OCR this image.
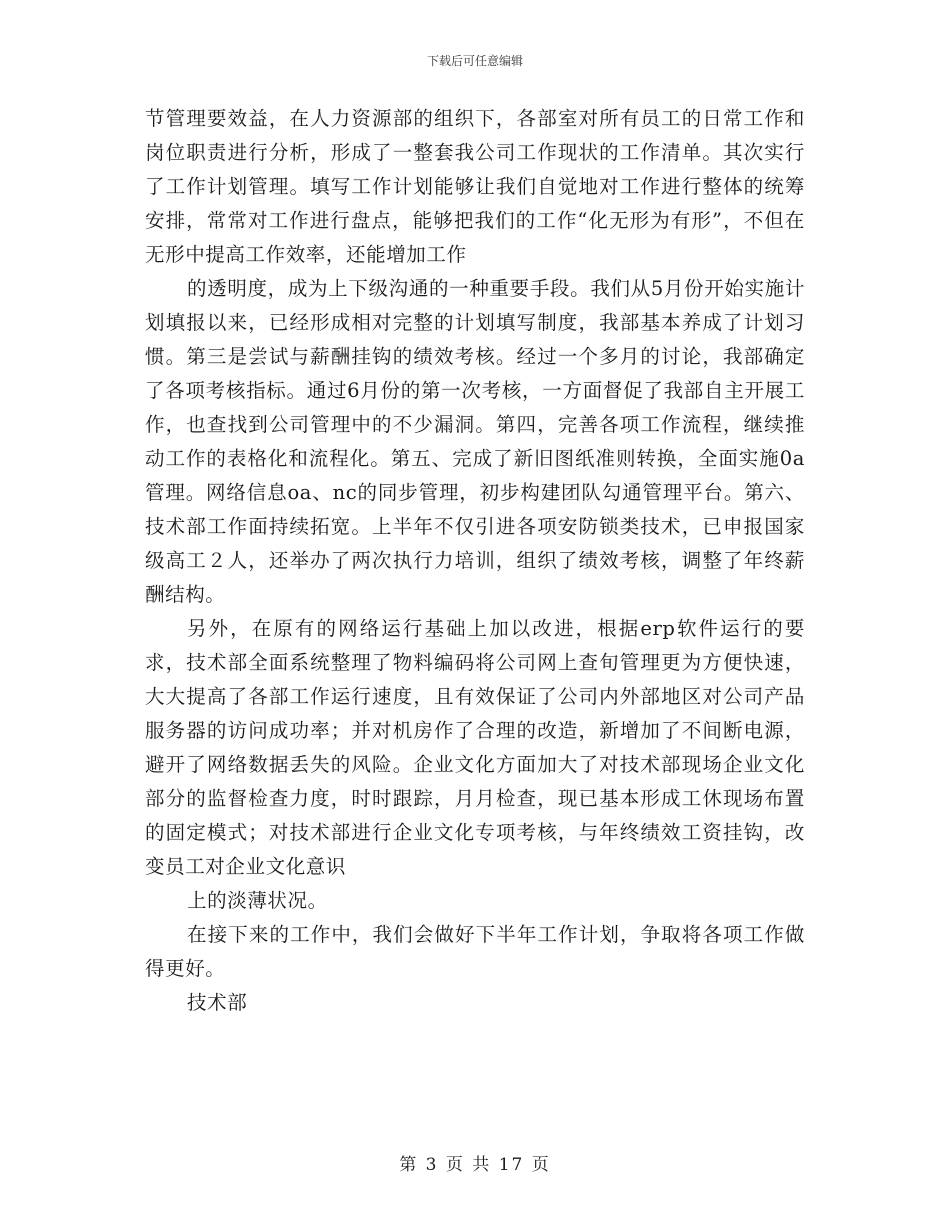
下载后可任意编辑

节管理要效益，在人力资源部的组织下，各部室对所有员工的日常工作和岗位职责进行分析，形成了一整套我公司工作现状的工作清单。其次实行了工作计划管理。填写工作计划能够让我们自觉地对工作进行整体的统筹安排，常常对工作进行盘点，能够把我们的工作“化无形为有形”，不但在无形中提高工作效率，还能增加工作

的透明度，成为上下级沟通的一种重要手段。我们从5月份开始实施计划填报以来，已经形成相对完整的计划填写制度，我部基本养成了计划习惯。第三是尝试与薪酬挂钩的绩效考核。经过一个多月的讨论，我部确定了各项考核指标。通过6月份的第一次考核，一方面督促了我部自主开展工作，也查找到公司管理中的不少漏洞。第四，完善各项工作流程，继续推动工作的表格化和流程化。第五、完成了新旧图纸准则转换，全面实施0a管理。网络信息oa、nc的同步管理，初步构建团队勾通管理平台。第六、技术部工作面持续拓宽。上半年不仅引进各项安防锁类技术，已申报国家级高工２人，还举办了两次执行力培训，组织了绩效考核，调整了年终薪酬结构。

另外，在原有的网络运行基础上加以改进，根据erp软件运行的要求，技术部全面系统整理了物料编码将公司网上查旬管理更为方便快速，大大提高了各部工作运行速度，且有效保证了公司内外部地区对公司产品服务器的访问成功率；并对机房作了合理的改造，新增加了不间断电源，避开了网络数据丢失的风险。企业文化方面加大了对技术部现场企业文化部分的监督检查力度，时时跟踪，月月检查，现已基本形成工休现场布置的固定模式；对技术部进行企业文化专项考核，与年终绩效工资挂钩，改变员工对企业文化意识

上的淡薄状况。

在接下来的工作中，我们会做好下半年工作计划，争取将各项工作做得更好。

技术部

第 3 页 共 17 页
